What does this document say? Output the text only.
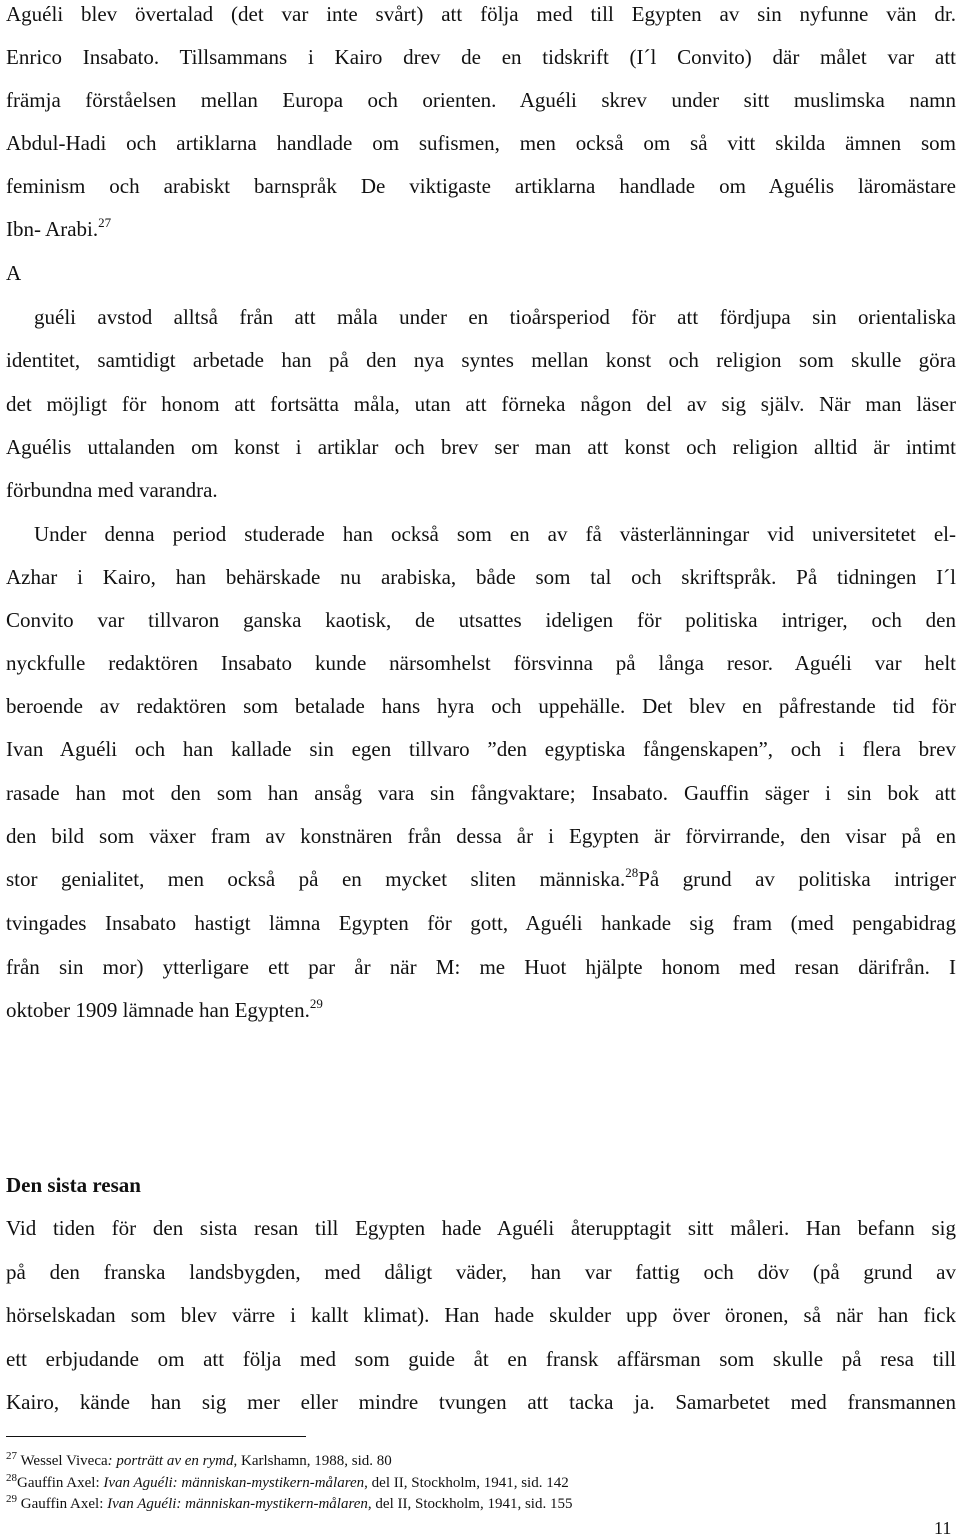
Aguéli blev övertalad (det var inte svårt) att följa med till Egypten av sin nyfunne vän dr.
Enrico Insabato. Tillsammans i Kairo drev de en tidskrift (I´l Convito) där målet var att
främja förståelsen mellan Europa och orienten. Aguéli skrev under sitt muslimska namn
Abdul-Hadi och artiklarna handlade om sufismen, men också om så vitt skilda ämnen som
feminism och arabiskt barnspråk De viktigaste artiklarna handlade om Aguélis läromästare
Ibn- Arabi.$^{27}$
A
guéli avstod alltså från att måla under en tioårsperiod för att fördjupa sin orientaliska
identitet, samtidigt arbetade han på den nya syntes mellan konst och religion som skulle göra
det möjligt för honom att fortsätta måla, utan att förneka någon del av sig själv. När man läser
Aguélis uttalanden om konst i artiklar och brev ser man att konst och religion alltid är intimt
förbundna med varandra.
Under denna period studerade han också som en av få västerlänningar vid universitetet el-
Azhar i Kairo, han behärskade nu arabiska, både som tal och skriftspråk. På tidningen I´l
Convito var tillvaron ganska kaotisk, de utsattes ideligen för politiska intriger, och den
nyckfulle redaktören Insabato kunde närsomhelst försvinna på långa resor. Aguéli var helt
beroende av redaktören som betalade hans hyra och uppehälle. Det blev en påfrestande tid för
Ivan Aguéli och han kallade sin egen tillvaro ”den egyptiska fångenskapen”, och i flera brev
rasade han mot den som han ansåg vara sin fångvaktare; Insabato. Gauffin säger i sin bok att
den bild som växer fram av konstnären från dessa år i Egypten är förvirrande, den visar på en
stor genialitet, men också på en mycket sliten människa.$^{28}$På grund av politiska intriger
tvingades Insabato hastigt lämna Egypten för gott, Aguéli hankade sig fram (med pengabidrag
från sin mor) ytterligare ett par år när M: me Huot hjälpte honom med resan därifrån. I
oktober 1909 lämnade han Egypten.$^{29}$
Den sista resan
Vid tiden för den sista resan till Egypten hade Aguéli återupptagit sitt måleri. Han befann sig
på den franska landsbygden, med dåligt väder, han var fattig och döv (på grund av
hörselskadan som blev värre i kallt klimat). Han hade skulder upp över öronen, så när han fick
ett erbjudande om att följa med som guide åt en fransk affärsman som skulle på resa till
Kairo, kände han sig mer eller mindre tvungen att tacka ja. Samarbetet med fransmannen
$^{27}$ Wessel Viveca: porträtt av en rymd, Karlshamn, 1988, sid. 80
$^{28}$Gauffin Axel: Ivan Aguéli: människan-mystikern-målaren, del II, Stockholm, 1941, sid. 142
$^{29}$ Gauffin Axel: Ivan Aguéli: människan-mystikern-målaren, del II, Stockholm, 1941, sid. 155
11
